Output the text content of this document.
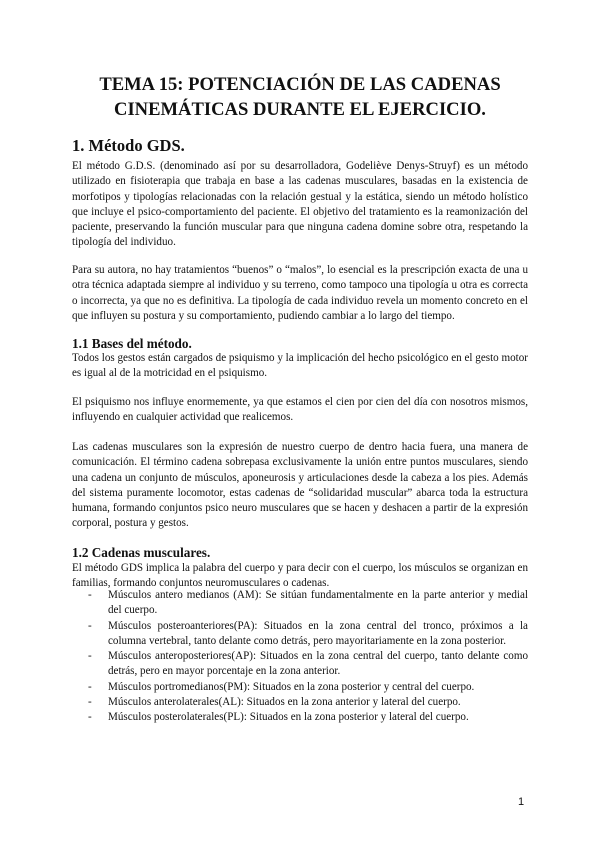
TEMA 15: POTENCIACIÓN DE LAS CADENAS
CINEMÁTICAS DURANTE EL EJERCICIO.
1. Método GDS.

El método G.D.S. (denominado así por su desarrolladora, Godelièvе Denys-Struyf) es un método utilizado en fisioterapia que trabaja en base a las cadenas musculares, basadas en la existencia de morfotipos y tipologías relacionadas con la relación gestual y la estática, siendo un método holístico que incluye el psico-comportamiento del paciente. El objetivo del tratamiento es la reamonización del paciente, preservando la función muscular para que ninguna cadena domine sobre otra, respetando la tipología del individuo.

Para su autora, no hay tratamientos “buenos” o “malos”, lo esencial es la prescripción exacta de una u otra técnica adaptada siempre al individuo y su terreno, como tampoco una tipología u otra es correcta o incorrecta, ya que no es definitiva. La tipología de cada individuo revela un momento concreto en el que influyen su postura y su comportamiento, pudiendo cambiar a lo largo del tiempo.

1.1 Bases del método.

Todos los gestos están cargados de psiquismo y la implicación del hecho psicológico en el gesto motor es igual al de la motricidad en el psiquismo.

El psiquismo nos influye enormemente, ya que estamos el cien por cien del día con nosotros mismos, influyendo en cualquier actividad que realicemos.

Las cadenas musculares son la expresión de nuestro cuerpo de dentro hacia fuera, una manera de comunicación. El término cadena sobrepasa exclusivamente la unión entre puntos musculares, siendo una cadena un conjunto de músculos, aponeurosis y articulaciones desde la cabeza a los pies. Además del sistema puramente locomotor, estas cadenas de “solidaridad muscular” abarca toda la estructura humana, formando conjuntos psico neuro musculares que se hacen y deshacen a partir de la expresión corporal, postura y gestos.

1.2 Cadenas musculares.

El método GDS implica la palabra del cuerpo y para decir con el cuerpo, los músculos se organizan en familias, formando conjuntos neuromusculares o cadenas.

- Músculos antero medianos (AM): Se sitúan fundamentalmente en la parte anterior y medial del cuerpo.
- Músculos posteroanteriores(PA): Situados en la zona central del tronco, próximos a la columna vertebral, tanto delante como detrás, pero mayoritariamente en la zona posterior.
- Músculos anteroposteriores(AP): Situados en la zona central del cuerpo, tanto delante como detrás, pero en mayor porcentaje en la zona anterior.
- Músculos portromedianos(PM): Situados en la zona posterior y central del cuerpo.
- Músculos anterolaterales(AL): Situados en la zona anterior y lateral del cuerpo.
- Músculos posterolaterales(PL): Situados en la zona posterior y lateral del cuerpo.
1
